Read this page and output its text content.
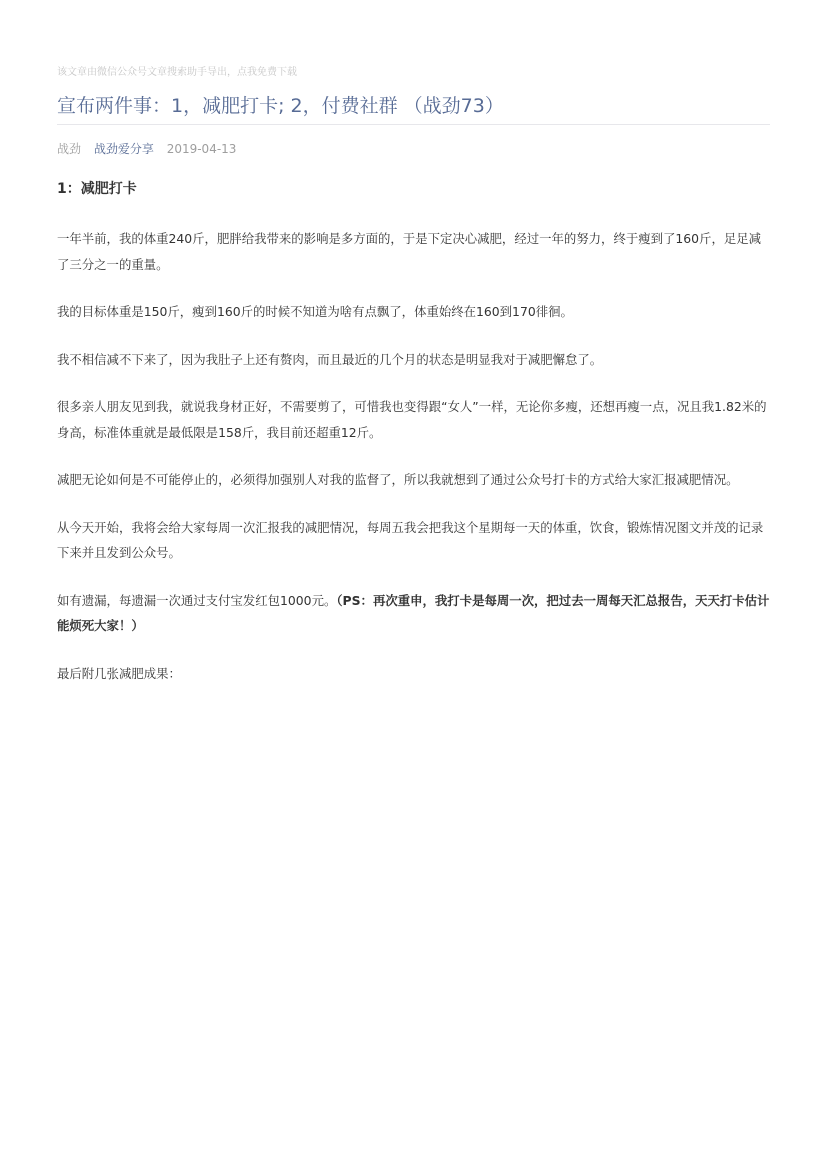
该文章由微信公众号文章搜索助手导出，点我免费下载
宣布两件事：1，减肥打卡; 2，付费社群 （战劲73）
战劲 战劲爱分享 2019-04-13
1：减肥打卡

一年半前，我的体重240斤，肥胖给我带来的影响是多方面的，于是下定决心减肥，经过一年的努力，终于瘦到了160斤，足足减了三分之一的重量。

我的目标体重是150斤，瘦到160斤的时候不知道为啥有点飘了，体重始终在160到170徘徊。

我不相信减不下来了，因为我肚子上还有赘肉，而且最近的几个月的状态是明显我对于减肥懈怠了。

很多亲人朋友见到我，就说我身材正好，不需要剪了，可惜我也变得跟“女人”一样，无论你多瘦，还想再瘦一点，况且我1.82米的身高，标准体重就是最低限是158斤，我目前还超重12斤。

减肥无论如何是不可能停止的，必须得加强别人对我的监督了，所以我就想到了通过公众号打卡的方式给大家汇报减肥情况。

从今天开始，我将会给大家每周一次汇报我的减肥情况，每周五我会把我这个星期每一天的体重，饮食，锻炼情况图文并茂的记录下来并且发到公众号。

如有遗漏，每遗漏一次通过支付宝发红包1000元。（PS：再次重申，我打卡是每周一次，把过去一周每天汇总报告，天天打卡估计能烦死大家！）

最后附几张减肥成果：
